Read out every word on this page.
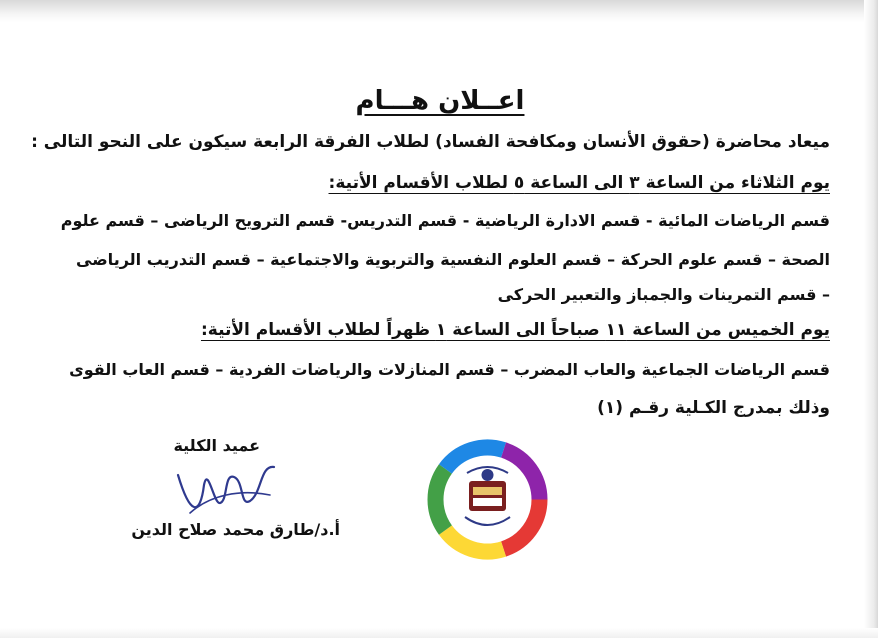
اعــلان هـــام
ميعاد محاضرة (حقوق الأنسان ومكافحة الفساد) لطلاب الفرقة الرابعة سيكون على النحو التالى :
يوم الثلاثاء من الساعة ٣ الى الساعة ٥ لطلاب الأقسام الأتية:
قسم الرياضات المائية - قسم الادارة الرياضية - قسم التدريس- قسم الترويح الرياضى – قسم علوم
الصحة – قسم علوم الحركة – قسم العلوم النفسية والتربوية والاجتماعية – قسم التدريب الرياضى
– قسم التمرينات والجمباز والتعبير الحركى
يوم الخميس من الساعة ١١ صباحاً الى الساعة ١ ظهراً لطلاب الأقسام الأتية:
قسم الرياضات الجماعية والعاب المضرب – قسم المنازلات والرياضات الفردية – قسم العاب القوى
وذلك بمدرج الكـلية رقـم (١)
عميد الكلية
أ.د/طارق محمد صلاح الدين
